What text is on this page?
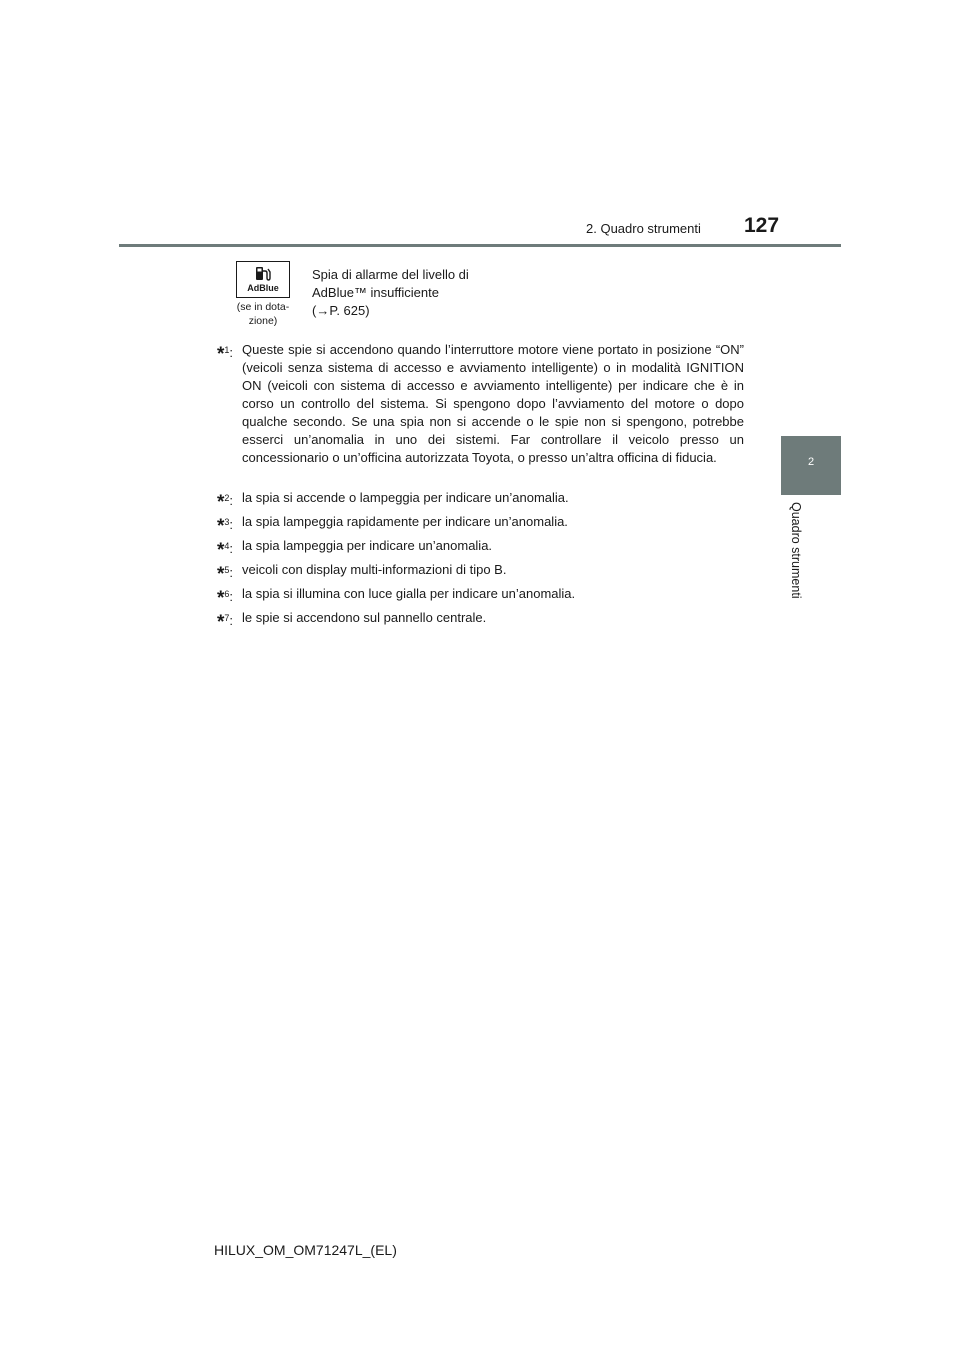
2. Quadro strumenti 127
2
Quadro strumenti
AdBlue
(se in dota-
zione)
Spia di allarme del livello di
AdBlue™ insufficiente
(→P. 625)
*$^1$: Queste spie si accendono quando l’interruttore motore viene portato in posizione “ON” (veicoli senza sistema di accesso e avviamento intelligente) o in modalità IGNITION ON (veicoli con sistema di accesso e avviamento intelligente) per indicare che è in corso un controllo del sistema. Si spengono dopo l’avviamento del motore o dopo qualche secondo. Se una spia non si accende o le spie non si spengono, potrebbe esserci un’anomalia in uno dei sistemi. Far controllare il veicolo presso un concessionario o un’officina autorizzata Toyota, o presso un’altra officina di fiducia.
*$^2$: la spia si accende o lampeggia per indicare un’anomalia.
*$^3$: la spia lampeggia rapidamente per indicare un’anomalia.
*$^4$: la spia lampeggia per indicare un’anomalia.
*$^5$: veicoli con display multi-informazioni di tipo B.
*$^6$: la spia si illumina con luce gialla per indicare un’anomalia.
*$^7$: le spie si accendono sul pannello centrale.
HILUX_OM_OM71247L_(EL)
